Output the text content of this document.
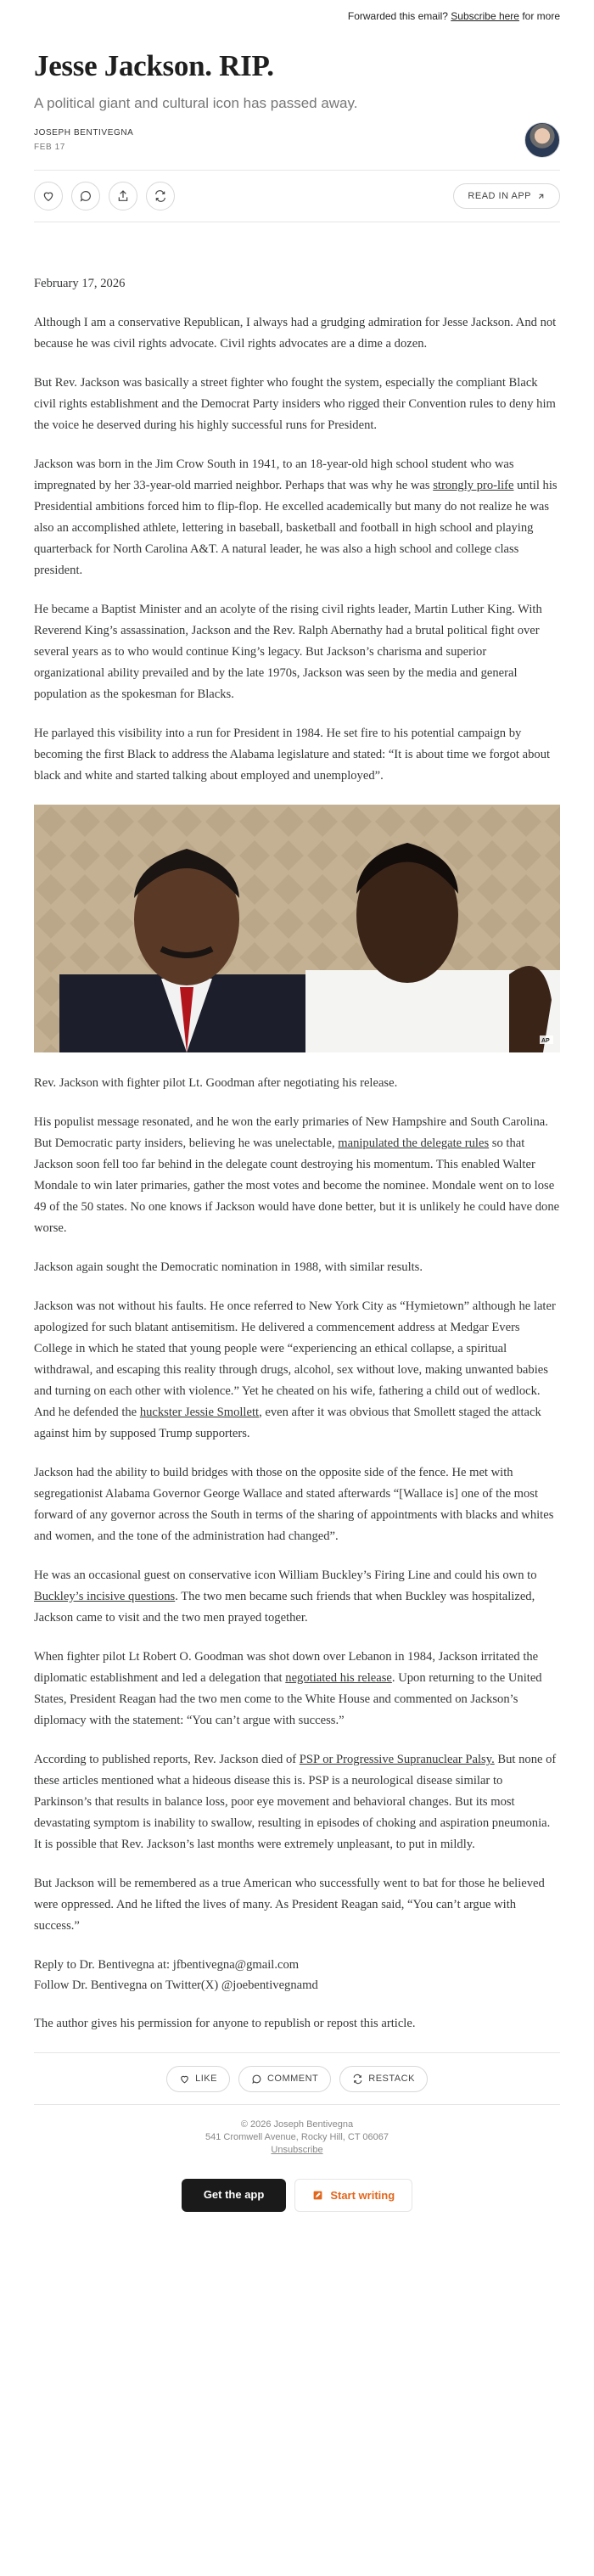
Forwarded this email? Subscribe here for more
Jesse Jackson. RIP.
A political giant and cultural icon has passed away.
JOSEPH BENTIVEGNA
FEB 17
READ IN APP

February 17, 2026

Although I am a conservative Republican, I always had a grudging admiration for Jesse Jackson. And not because he was civil rights advocate. Civil rights advocates are a dime a dozen.

But Rev. Jackson was basically a street fighter who fought the system, especially the compliant Black civil rights establishment and the Democrat Party insiders who rigged their Convention rules to deny him the voice he deserved during his highly successful runs for President.

Jackson was born in the Jim Crow South in 1941, to an 18-year-old high school student who was impregnated by her 33-year-old married neighbor. Perhaps that was why he was strongly pro-life until his Presidential ambitions forced him to flip-flop. He excelled academically but many do not realize he was also an accomplished athlete, lettering in baseball, basketball and football in high school and playing quarterback for North Carolina A&T. A natural leader, he was also a high school and college class president.

He became a Baptist Minister and an acolyte of the rising civil rights leader, Martin Luther King. With Reverend King’s assassination, Jackson and the Rev. Ralph Abernathy had a brutal political fight over several years as to who would continue King’s legacy. But Jackson’s charisma and superior organizational ability prevailed and by the late 1970s, Jackson was seen by the media and general population as the spokesman for Blacks.

He parlayed this visibility into a run for President in 1984. He set fire to his potential campaign by becoming the first Black to address the Alabama legislature and stated: “It is about time we forgot about black and white and started talking about employed and unemployed”.

AP

Rev. Jackson with fighter pilot Lt. Goodman after negotiating his release.

His populist message resonated, and he won the early primaries of New Hampshire and South Carolina. But Democratic party insiders, believing he was unelectable, manipulated the delegate rules so that Jackson soon fell too far behind in the delegate count destroying his momentum. This enabled Walter Mondale to win later primaries, gather the most votes and become the nominee. Mondale went on to lose 49 of the 50 states. No one knows if Jackson would have done better, but it is unlikely he could have done worse.

Jackson again sought the Democratic nomination in 1988, with similar results.

Jackson was not without his faults. He once referred to New York City as “Hymietown” although he later apologized for such blatant antisemitism. He delivered a commencement address at Medgar Evers College in which he stated that young people were “experiencing an ethical collapse, a spiritual withdrawal, and escaping this reality through drugs, alcohol, sex without love, making unwanted babies and turning on each other with violence.” Yet he cheated on his wife, fathering a child out of wedlock. And he defended the huckster Jessie Smollett, even after it was obvious that Smollett staged the attack against him by supposed Trump supporters.

Jackson had the ability to build bridges with those on the opposite side of the fence. He met with segregationist Alabama Governor George Wallace and stated afterwards “[Wallace is] one of the most forward of any governor across the South in terms of the sharing of appointments with blacks and whites and women, and the tone of the administration had changed”.

He was an occasional guest on conservative icon William Buckley’s Firing Line and could his own to Buckley’s incisive questions. The two men became such friends that when Buckley was hospitalized, Jackson came to visit and the two men prayed together.

When fighter pilot Lt Robert O. Goodman was shot down over Lebanon in 1984, Jackson irritated the diplomatic establishment and led a delegation that negotiated his release. Upon returning to the United States, President Reagan had the two men come to the White House and commented on Jackson’s diplomacy with the statement: “You can’t argue with success.”

According to published reports, Rev. Jackson died of PSP or Progressive Supranuclear Palsy. But none of these articles mentioned what a hideous disease this is. PSP is a neurological disease similar to Parkinson’s that results in balance loss, poor eye movement and behavioral changes. But its most devastating symptom is inability to swallow, resulting in episodes of choking and aspiration pneumonia. It is possible that Rev. Jackson’s last months were extremely unpleasant, to put in mildly.

But Jackson will be remembered as a true American who successfully went to bat for those he believed were oppressed. And he lifted the lives of many. As President Reagan said, “You can’t argue with success.”

Reply to Dr. Bentivegna at: jfbentivegna@gmail.com
Follow Dr. Bentivegna on Twitter(X) @joebentivegnamd

The author gives his permission for anyone to republish or repost this article.

LIKE	COMMENT	RESTACK
© 2026 Joseph Bentivegna
541 Cromwell Avenue, Rocky Hill, CT 06067
Unsubscribe
Get the app	Start writing
